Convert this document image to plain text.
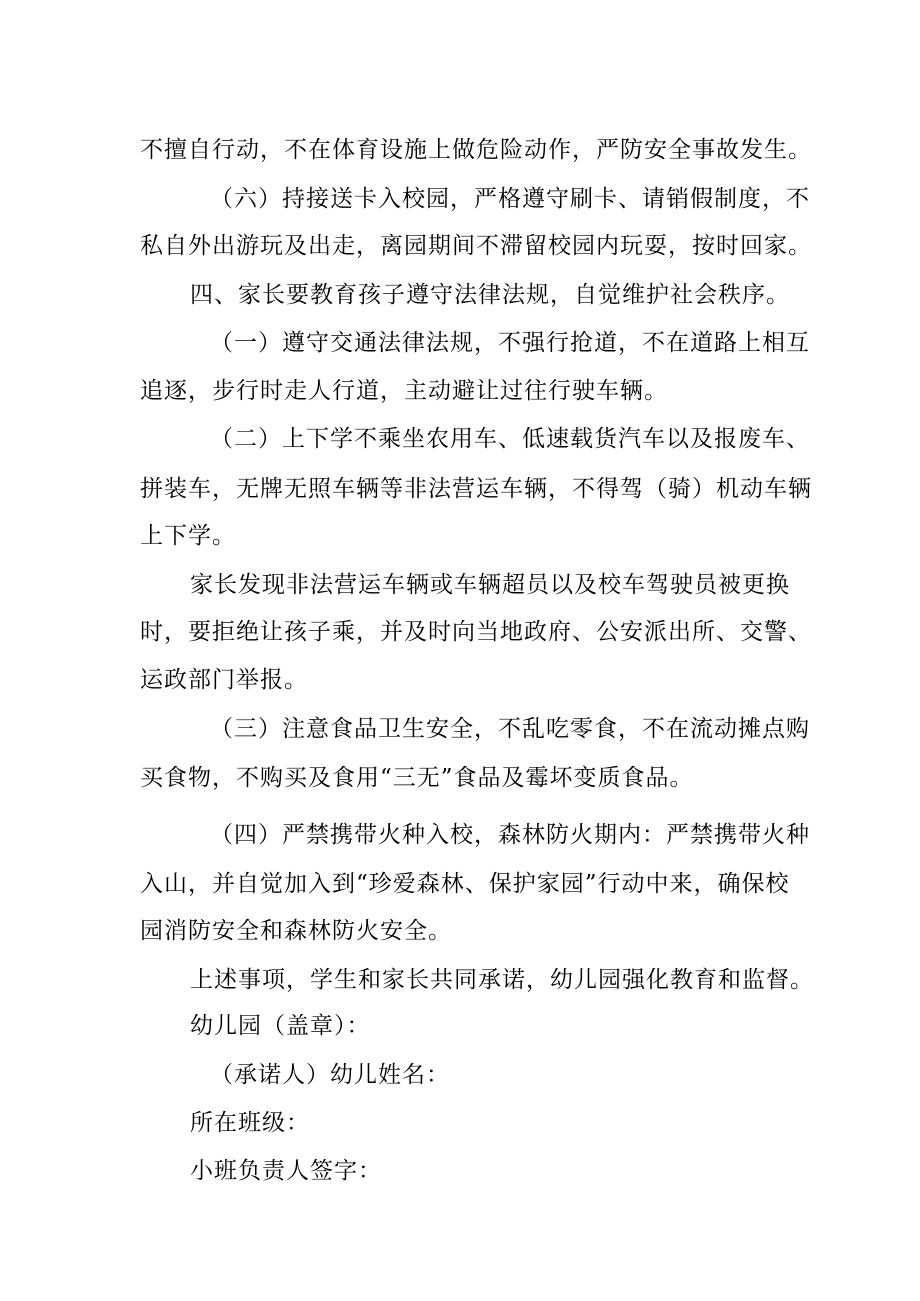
不擅自行动，不在体育设施上做危险动作，严防安全事故发生。
（六）持接送卡入校园，严格遵守刷卡、请销假制度，不
私自外出游玩及出走，离园期间不滞留校园内玩耍，按时回家。
四、家长要教育孩子遵守法律法规，自觉维护社会秩序。
（一）遵守交通法律法规，不强行抢道，不在道路上相互
追逐，步行时走人行道，主动避让过往行驶车辆。
（二）上下学不乘坐农用车、低速载货汽车以及报废车、
拼装车，无牌无照车辆等非法营运车辆，不得驾（骑）机动车辆
上下学。
家长发现非法营运车辆或车辆超员以及校车驾驶员被更换
时，要拒绝让孩子乘，并及时向当地政府、公安派出所、交警、
运政部门举报。
（三）注意食品卫生安全，不乱吃零食，不在流动摊点购
买食物，不购买及食用“三无”食品及霉坏变质食品。
（四）严禁携带火种入校，森林防火期内：严禁携带火种
入山，并自觉加入到“珍爱森林、保护家园”行动中来，确保校
园消防安全和森林防火安全。
上述事项，学生和家长共同承诺，幼儿园强化教育和监督。
幼儿园（盖章）：
（承诺人）幼儿姓名：
所在班级：
小班负责人签字：
